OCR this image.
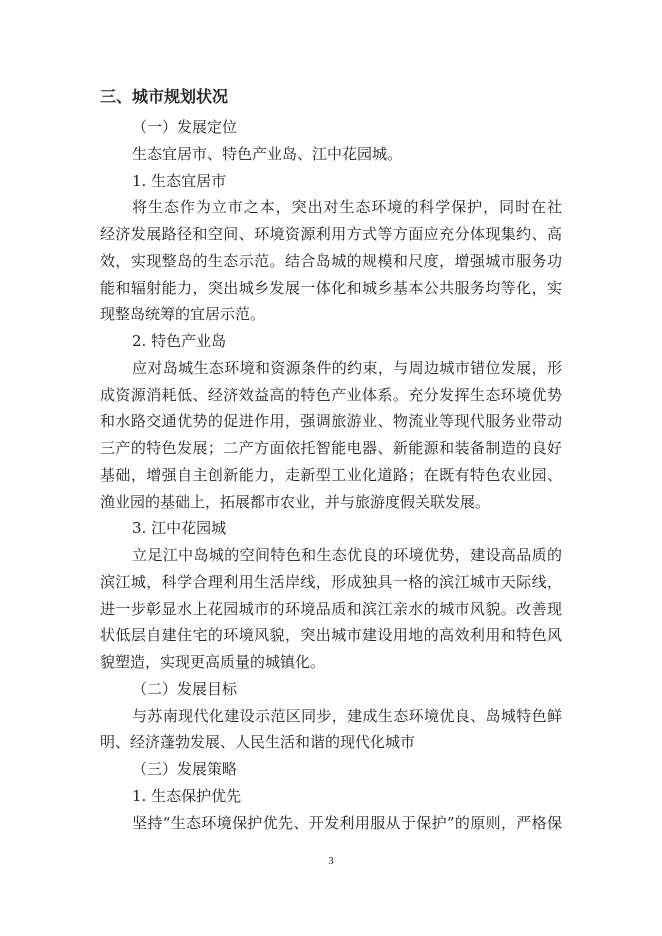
三、城市规划状况
（一）发展定位
生态宜居市、特色产业岛、江中花园城。
1. 生态宜居市
将生态作为立市之本，突出对生态环境的科学保护，同时在社
经济发展路径和空间、环境资源利用方式等方面应充分体现集约、高
效，实现整岛的生态示范。结合岛城的规模和尺度，增强城市服务功
能和辐射能力，突出城乡发展一体化和城乡基本公共服务均等化，实
现整岛统筹的宜居示范。
2. 特色产业岛
应对岛城生态环境和资源条件的约束，与周边城市错位发展，形
成资源消耗低、经济效益高的特色产业体系。充分发挥生态环境优势
和水路交通优势的促进作用，强调旅游业、物流业等现代服务业带动
三产的特色发展；二产方面依托智能电器、新能源和装备制造的良好
基础，增强自主创新能力，走新型工业化道路；在既有特色农业园、
渔业园的基础上，拓展都市农业，并与旅游度假关联发展。
3. 江中花园城
立足江中岛城的空间特色和生态优良的环境优势，建设高品质的
滨江城，科学合理利用生活岸线，形成独具一格的滨江城市天际线，
进一步彰显水上花园城市的环境品质和滨江亲水的城市风貌。改善现
状低层自建住宅的环境风貌，突出城市建设用地的高效利用和特色风
貌塑造，实现更高质量的城镇化。
（二）发展目标
与苏南现代化建设示范区同步，建成生态环境优良、岛城特色鲜
明、经济蓬勃发展、人民生活和谐的现代化城市
（三）发展策略
1. 生态保护优先
坚持“生态环境保护优先、开发利用服从于保护”的原则，严格保
3
